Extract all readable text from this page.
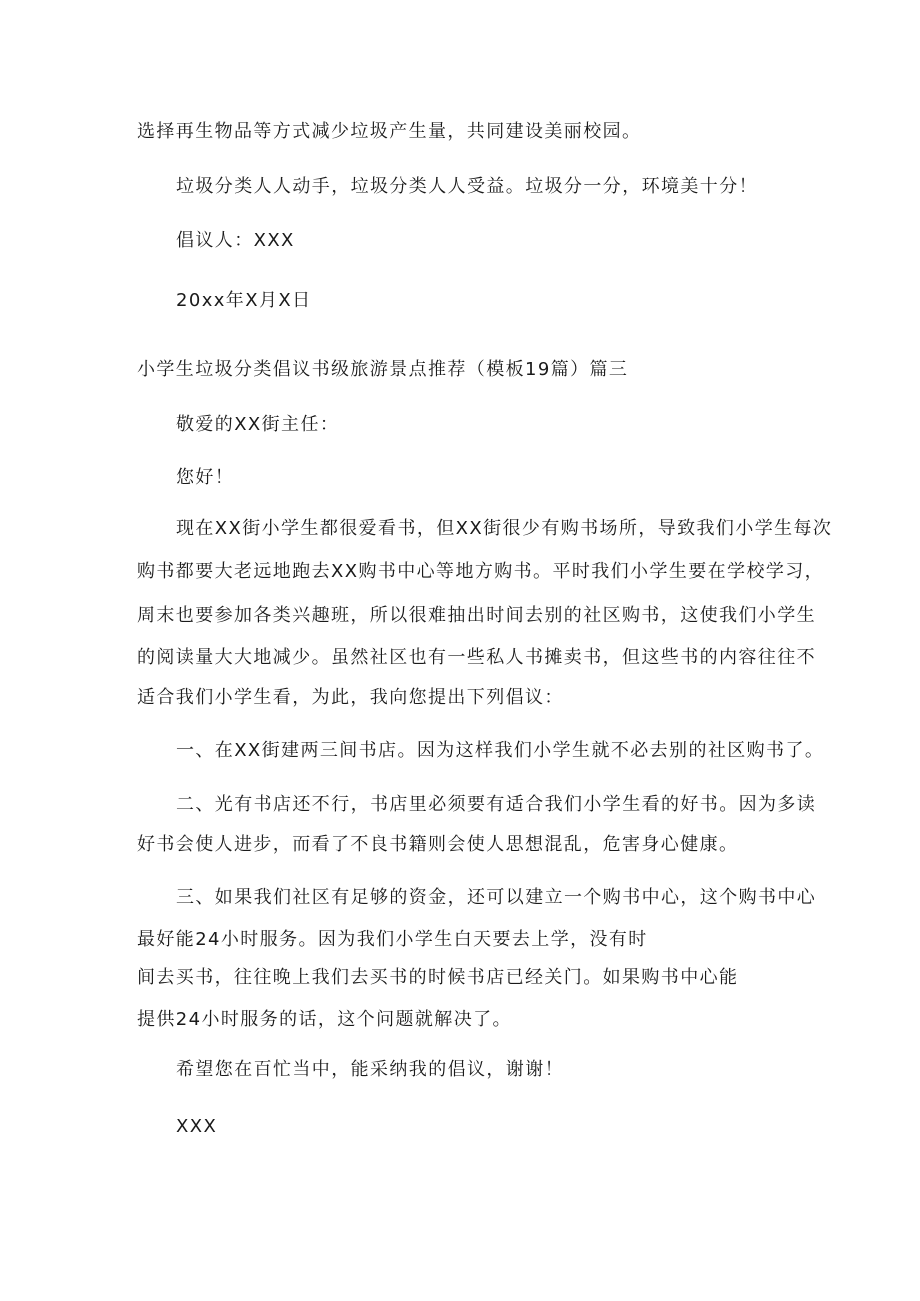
选择再生物品等方式减少垃圾产生量，共同建设美丽校园。
垃圾分类人人动手，垃圾分类人人受益。垃圾分一分，环境美十分！
倡议人：XXX
20xx年X月X日
小学生垃圾分类倡议书级旅游景点推荐（模板19篇）篇三
敬爱的XX街主任：
您好！
现在XX街小学生都很爱看书，但XX街很少有购书场所，导致我们小学生每次
购书都要大老远地跑去XX购书中心等地方购书。平时我们小学生要在学校学习，
周末也要参加各类兴趣班，所以很难抽出时间去别的社区购书，这使我们小学生
的阅读量大大地减少。虽然社区也有一些私人书摊卖书，但这些书的内容往往不
适合我们小学生看，为此，我向您提出下列倡议：
一、在XX街建两三间书店。因为这样我们小学生就不必去别的社区购书了。
二、光有书店还不行，书店里必须要有适合我们小学生看的好书。因为多读
好书会使人进步，而看了不良书籍则会使人思想混乱，危害身心健康。
三、如果我们社区有足够的资金，还可以建立一个购书中心，这个购书中心
最好能24小时服务。因为我们小学生白天要去上学，没有时
间去买书，往往晚上我们去买书的时候书店已经关门。如果购书中心能
提供24小时服务的话，这个问题就解决了。
希望您在百忙当中，能采纳我的倡议，谢谢！
XXX
